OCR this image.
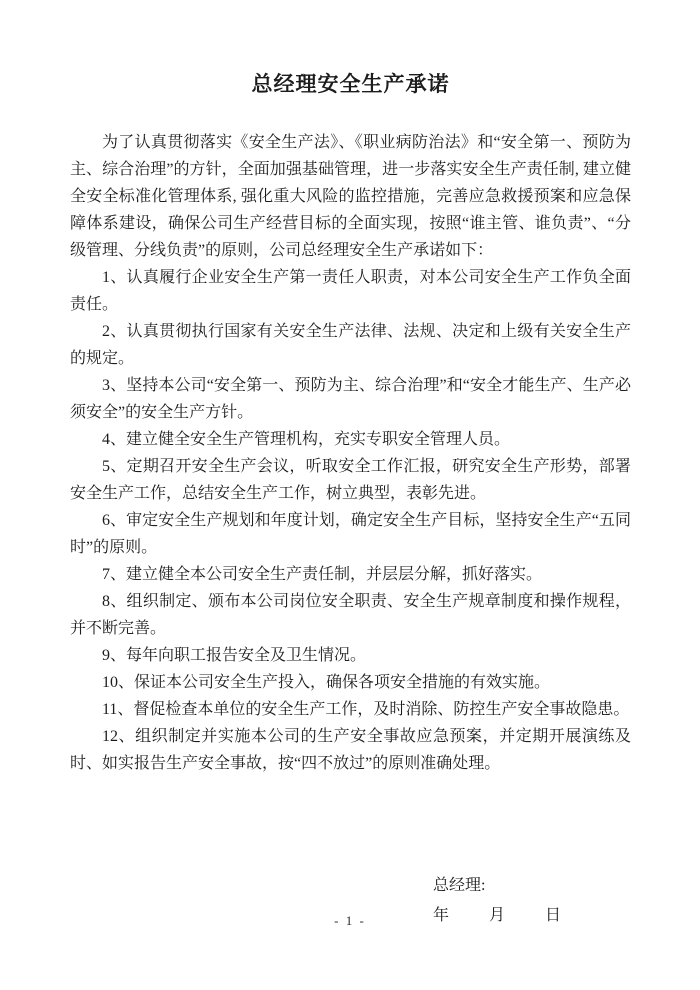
总经理安全生产承诺

为了认真贯彻落实《安全生产法》、《职业病防治法》和“安全第一、预防为主、综合治理”的方针，全面加强基础管理，进一步落实安全生产责任制, 建立健全安全标准化管理体系, 强化重大风险的监控措施，完善应急救援预案和应急保障体系建设，确保公司生产经营目标的全面实现，按照“谁主管、谁负责”、“分级管理、分线负责”的原则，公司总经理安全生产承诺如下：

1、认真履行企业安全生产第一责任人职责，对本公司安全生产工作负全面责任。

2、认真贯彻执行国家有关安全生产法律、法规、决定和上级有关安全生产的规定。

3、坚持本公司“安全第一、预防为主、综合治理”和“安全才能生产、生产必须安全”的安全生产方针。

4、建立健全安全生产管理机构，充实专职安全管理人员。

5、定期召开安全生产会议，听取安全工作汇报，研究安全生产形势，部署安全生产工作，总结安全生产工作，树立典型，表彰先进。

6、审定安全生产规划和年度计划，确定安全生产目标，坚持安全生产“五同时”的原则。

7、建立健全本公司安全生产责任制，并层层分解，抓好落实。

8、组织制定、颁布本公司岗位安全职责、安全生产规章制度和操作规程，并不断完善。

9、每年向职工报告安全及卫生情况。

10、保证本公司安全生产投入，确保各项安全措施的有效实施。

11、督促检查本单位的安全生产工作，及时消除、防控生产安全事故隐患。

12、组织制定并实施本公司的生产安全事故应急预案，并定期开展演练及时、如实报告生产安全事故，按“四不放过”的原则准确处理。

总经理:
年	月	日
- 1 -
